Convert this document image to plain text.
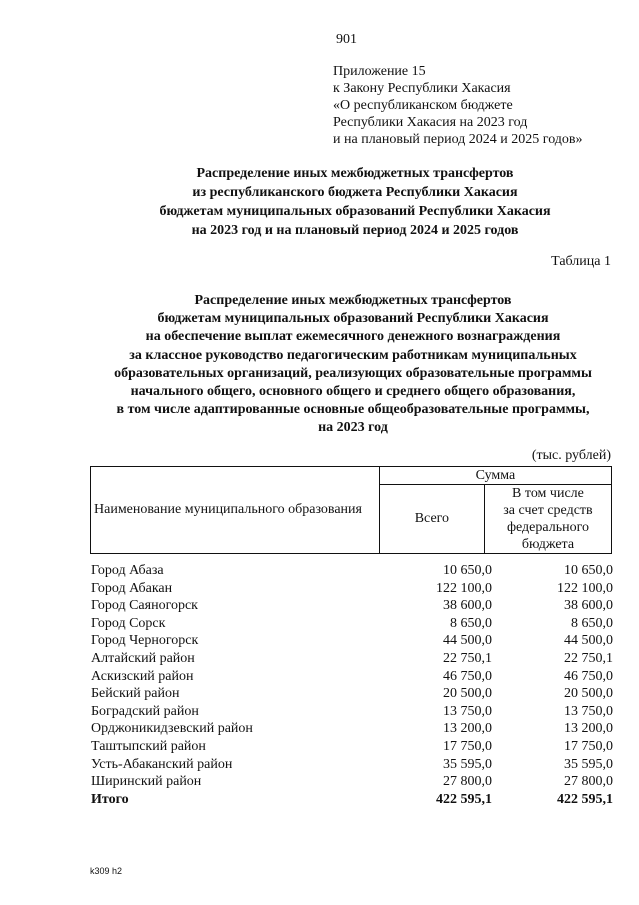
901
Приложение 15
к Закону Республики Хакасия
«О республиканском бюджете
Республики Хакасия на 2023 год
и на плановый период 2024 и 2025 годов»
Распределение иных межбюджетных трансфертов
из республиканского бюджета Республики Хакасия
бюджетам муниципальных образований Республики Хакасия
на 2023 год и на плановый период 2024 и 2025 годов
Таблица 1
Распределение иных межбюджетных трансфертов
бюджетам муниципальных образований Республики Хакасия
на обеспечение выплат ежемесячного денежного вознаграждения
за классное руководство педагогическим работникам муниципальных
образовательных организаций, реализующих образовательные программы
начального общего, основного общего и среднего общего образования,
в том числе адаптированные основные общеобразовательные программы,
на 2023 год
(тыс. рублей)
Наименование муниципального образования	Сумма	
	Всего	В том числе
за счет средств
федерального
бюджета
Город Абаза	10 650,0	10 650,0
Город Абакан	122 100,0	122 100,0
Город Саяногорск	38 600,0	38 600,0
Город Сорск	8 650,0	8 650,0
Город Черногорск	44 500,0	44 500,0
Алтайский район	22 750,1	22 750,1
Аскизский район	46 750,0	46 750,0
Бейский район	20 500,0	20 500,0
Боградский район	13 750,0	13 750,0
Орджоникидзевский район	13 200,0	13 200,0
Таштыпский район	17 750,0	17 750,0
Усть-Абаканский район	35 595,0	35 595,0
Ширинский район	27 800,0	27 800,0
Итого	422 595,1	422 595,1
k309 h2
